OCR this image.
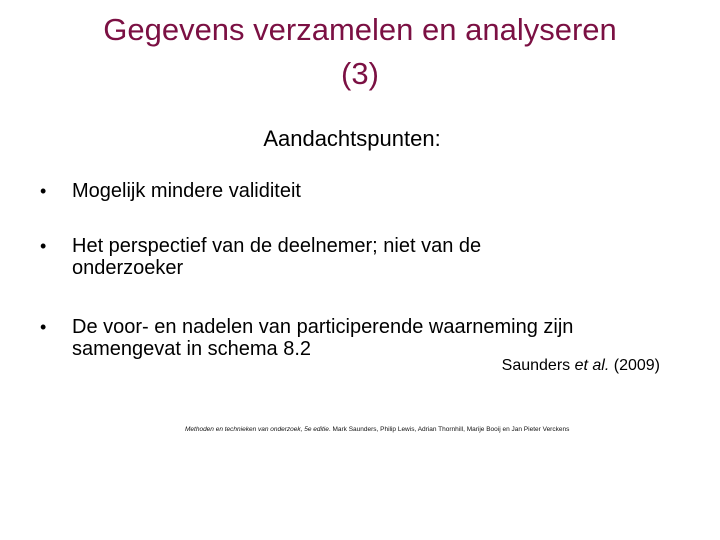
Gegevens verzamelen en analyseren
(3)
Aandachtspunten:
•	Mogelijk mindere validiteit
•	Het perspectief van de deelnemer; niet van de
onderzoeker
•	De voor- en nadelen van participerende waarneming zijn
samengevat in schema 8.2
Saunders et al. (2009)
Methoden en technieken van onderzoek, 5e editie. Mark Saunders, Philip Lewis, Adrian Thornhill, Marije Booij en Jan Pieter Verckens
